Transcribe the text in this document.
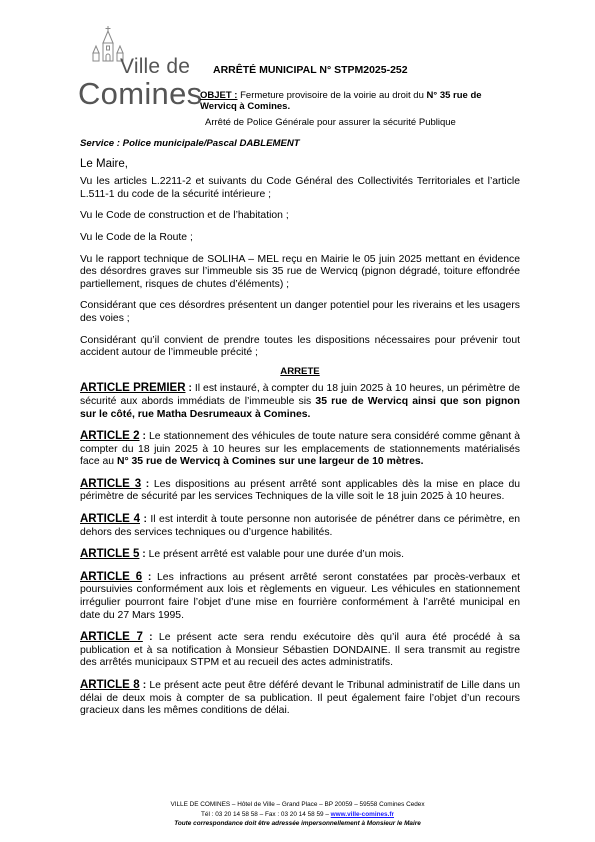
Ville de
Comines
ARRÊTÉ MUNICIPAL N° STPM2025-252
OBJET : Fermeture provisoire de la voirie au droit du N° 35 rue de Wervicq à Comines.
Arrêté de Police Générale pour assurer la sécurité Publique

Service : Police municipale/Pascal DABLEMENT

Le Maire,

Vu les articles L.2211-2 et suivants du Code Général des Collectivités Territoriales et l’article L.511-1 du code de la sécurité intérieure ;

Vu le Code de construction et de l’habitation ;

Vu le Code de la Route ;

Vu le rapport technique de SOLIHA – MEL reçu en Mairie le 05 juin 2025 mettant en évidence des désordres graves sur l’immeuble sis 35 rue de Wervicq (pignon dégradé, toiture effondrée partiellement, risques de chutes d’éléments) ;

Considérant que ces désordres présentent un danger potentiel pour les riverains et les usagers des voies ;

Considérant qu’il convient de prendre toutes les dispositions nécessaires pour prévenir tout accident autour de l’immeuble précité ;

ARRETE

ARTICLE PREMIER : Il est instauré, à compter du 18 juin 2025 à 10 heures, un périmètre de sécurité aux abords immédiats de l’immeuble sis 35 rue de Wervicq ainsi que son pignon sur le côté, rue Matha Desrumeaux à Comines.

ARTICLE 2 : Le stationnement des véhicules de toute nature sera considéré comme gênant à compter du 18 juin 2025 à 10 heures sur les emplacements de stationnements matérialisés face au N° 35 rue de Wervicq à Comines sur une largeur de 10 mètres.

ARTICLE 3 : Les dispositions au présent arrêté sont applicables dès la mise en place du périmètre de sécurité par les services Techniques de la ville soit le 18 juin 2025 à 10 heures.

ARTICLE 4 : Il est interdit à toute personne non autorisée de pénétrer dans ce périmètre, en dehors des services techniques ou d’urgence habilités.

ARTICLE 5 : Le présent arrêté est valable pour une durée d’un mois.

ARTICLE 6 : Les infractions au présent arrêté seront constatées par procès-verbaux et poursuivies conformément aux lois et règlements en vigueur. Les véhicules en stationnement irrégulier pourront faire l’objet d’une mise en fourrière conformément à l’arrêté municipal en date du 27 Mars 1995.

ARTICLE 7 : Le présent acte sera rendu exécutoire dès qu’il aura été procédé à sa publication et à sa notification à Monsieur Sébastien DONDAINE. Il sera transmit au registre des arrêtés municipaux STPM et au recueil des actes administratifs.

ARTICLE 8 : Le présent acte peut être déféré devant le Tribunal administratif de Lille dans un délai de deux mois à compter de sa publication. Il peut également faire l’objet d’un recours gracieux dans les mêmes conditions de délai.

VILLE DE COMINES – Hôtel de Ville – Grand Place – BP 20059 – 59558 Comines Cedex
Tél : 03 20 14 58 58 – Fax : 03 20 14 58 59 – www.ville-comines.fr
Toute correspondance doit être adressée impersonnellement à Monsieur le Maire
